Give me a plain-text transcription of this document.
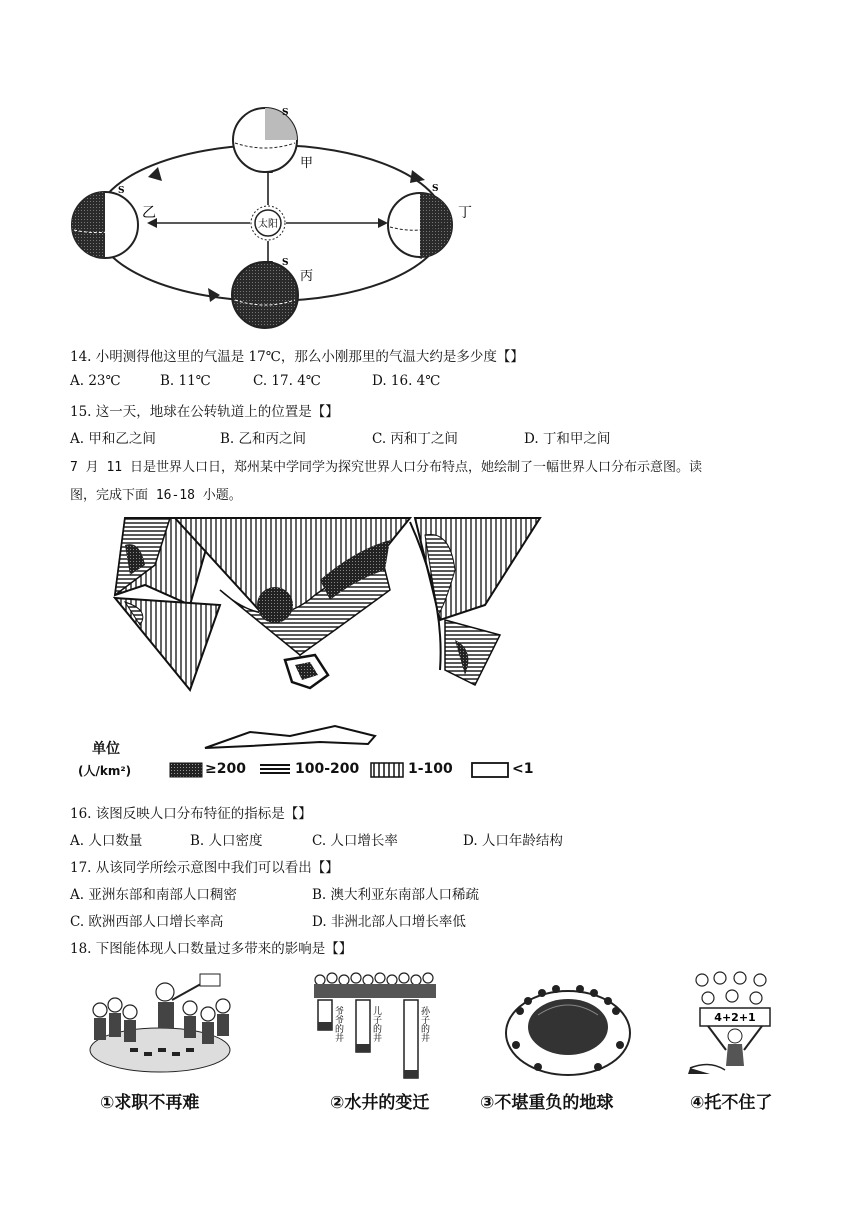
太阳
甲
S
乙
S
丙
S
丁
S
14. 小明测得他这里的气温是 17℃，那么小刚那里的气温大约是多少度【】
A. 23℃	B. 11℃	C. 17. 4℃	D. 16. 4℃
15. 这一天，地球在公转轨道上的位置是【】
A. 甲和乙之间	B. 乙和丙之间	C. 丙和丁之间	D. 丁和甲之间
7 月 11 日是世界人口日，郑州某中学同学为探究世界人口分布特点，她绘制了一幅世界人口分布示意图。读
图，完成下面 16-18 小题。
单位
(人/km²)	≥200	100-200	1-100	<1
16. 该图反映人口分布特征的指标是【】
A. 人口数量	B. 人口密度	C. 人口增长率	D. 人口年龄结构
17. 从该同学所绘示意图中我们可以看出【】
A. 亚洲东部和南部人口稠密	B. 澳大利亚东南部人口稀疏
C. 欧洲西部人口增长率高	D. 非洲北部人口增长率低
18. 下图能体现人口数量过多带来的影响是【】
爷爷的井	儿子的井	孙子的井	4+2+1
①求职不再难	②水井的变迁	③不堪重负的地球	④托不住了
